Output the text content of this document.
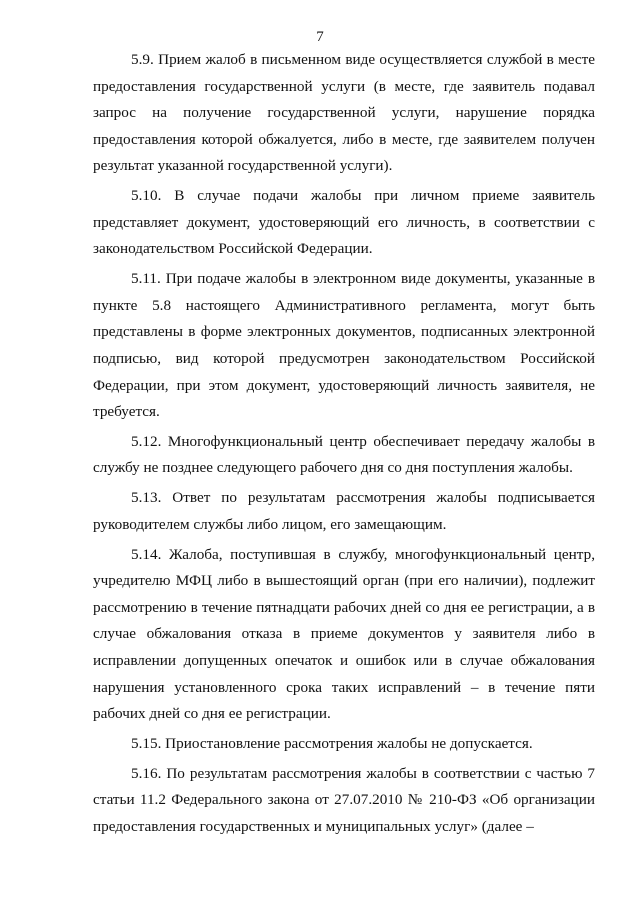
7

5.9. Прием жалоб в письменном виде осуществляется службой в месте предоставления государственной услуги (в месте, где заявитель подавал запрос на получение государственной услуги, нарушение порядка предоставления которой обжалуется, либо в месте, где заявителем получен результат указанной государственной услуги).

5.10. В случае подачи жалобы при личном приеме заявитель представляет документ, удостоверяющий его личность, в соответствии с законодательством Российской Федерации.

5.11. При подаче жалобы в электронном виде документы, указанные в пункте 5.8 настоящего Административного регламента, могут быть представлены в форме электронных документов, подписанных электронной подписью, вид которой предусмотрен законодательством Российской Федерации, при этом документ, удостоверяющий личность заявителя, не требуется.

5.12. Многофункциональный центр обеспечивает передачу жалобы в службу не позднее следующего рабочего дня со дня поступления жалобы.

5.13. Ответ по результатам рассмотрения жалобы подписывается руководителем службы либо лицом, его замещающим.

5.14. Жалоба, поступившая в службу, многофункциональный центр, учредителю МФЦ либо в вышестоящий орган (при его наличии), подлежит рассмотрению в течение пятнадцати рабочих дней со дня ее регистрации, а в случае обжалования отказа в приеме документов у заявителя либо в исправлении допущенных опечаток и ошибок или в случае обжалования нарушения установленного срока таких исправлений – в течение пяти рабочих дней со дня ее регистрации.

5.15. Приостановление рассмотрения жалобы не допускается.

5.16. По результатам рассмотрения жалобы в соответствии с частью 7 статьи 11.2 Федерального закона от 27.07.2010 № 210-ФЗ «Об организации предоставления государственных и муниципальных услуг» (далее –
